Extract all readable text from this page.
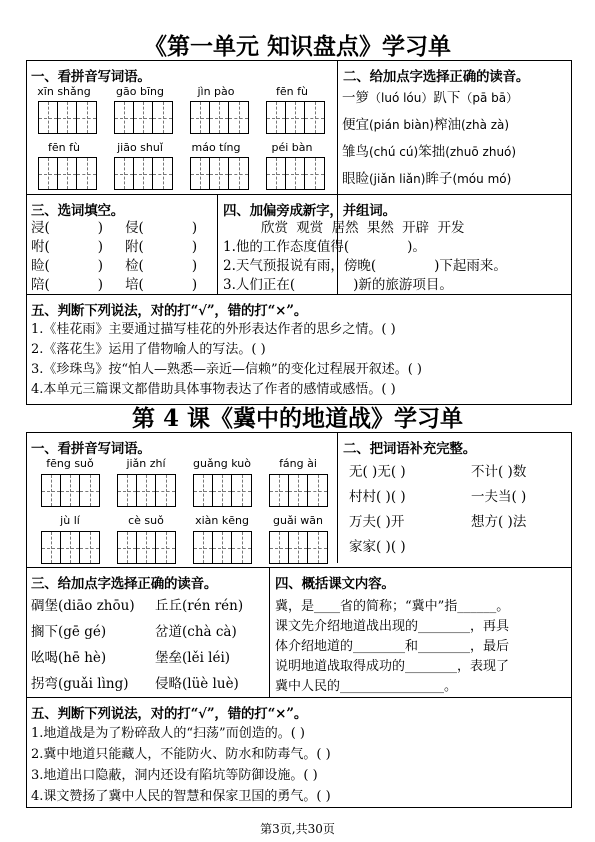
《第一单元 知识盘点》学习单
一、看拼音写词语。
xīn shǎng	gāo bīng	jìn pào	fēn fù
fēn fù	jiāo shuǐ	máo tíng	péi bàn
二、给加点字选择正确的读音。
一箩（luó lóu）趴下（pā bā）
便宜(pián biàn)榨油(zhà zà)
雏鸟(chú cú)笨拙(zhuō zhuó)
眼睑(jiǎn liǎn)眸子(móu mó)
三、选词填空。
浸(	) 侵(	)
咐(	) 附(	)
睑(	) 检(	)
陪(	) 培(	)
四、加偏旁成新字，并组词。
欣赏 观赏 居然 果然 开辟 开发
1.他的工作态度值得(	)。
2.天气预报说有雨，傍晚(	)下起雨来。
3.人们正在(	)新的旅游项目。
五、判断下列说法，对的打“√”，错的打“×”。
1.《桂花雨》主要通过描写桂花的外形表达作者的思乡之情。( )
2.《落花生》运用了借物喻人的写法。( )
3.《珍珠鸟》按“怕人—熟悉—亲近—信赖”的变化过程展开叙述。( )
4.本单元三篇课文都借助具体事物表达了作者的感情或感悟。( )
第 4 课《冀中的地道战》学习单
一、看拼音写词语。
fēng suǒ	jiǎn zhí	guǎng kuò	fáng ài
jù lí	cè suǒ	xiàn kēng	guǎi wān
二、把词语补充完整。
无( )无( )	不计( )数
村村( )( )	一夫当( )
万夫( )开	想方( )法
家家( )( )
三、给加点字选择正确的读音。
碉堡(diāo zhōu) 丘丘(rén rén)
搁下(gē gé)	岔道(chà cà)
吆喝(hē hè)	堡垒(lěi léi)
拐弯(guǎi lìng) 侵略(lüè luè)
四、概括课文内容。
冀，是____省的简称；“冀中”指______。
课文先介绍地道战出现的________，再具
体介绍地道的________和________，最后
说明地道战取得成功的________，表现了
冀中人民的________________。
五、判断下列说法，对的打“√”，错的打“×”。
1.地道战是为了粉碎敌人的“扫荡”而创造的。( )
2.冀中地道只能藏人，不能防火、防水和防毒气。( )
3.地道出口隐蔽，洞内还设有陷坑等防御设施。( )
4.课文赞扬了冀中人民的智慧和保家卫国的勇气。( )
第3页,共30页
